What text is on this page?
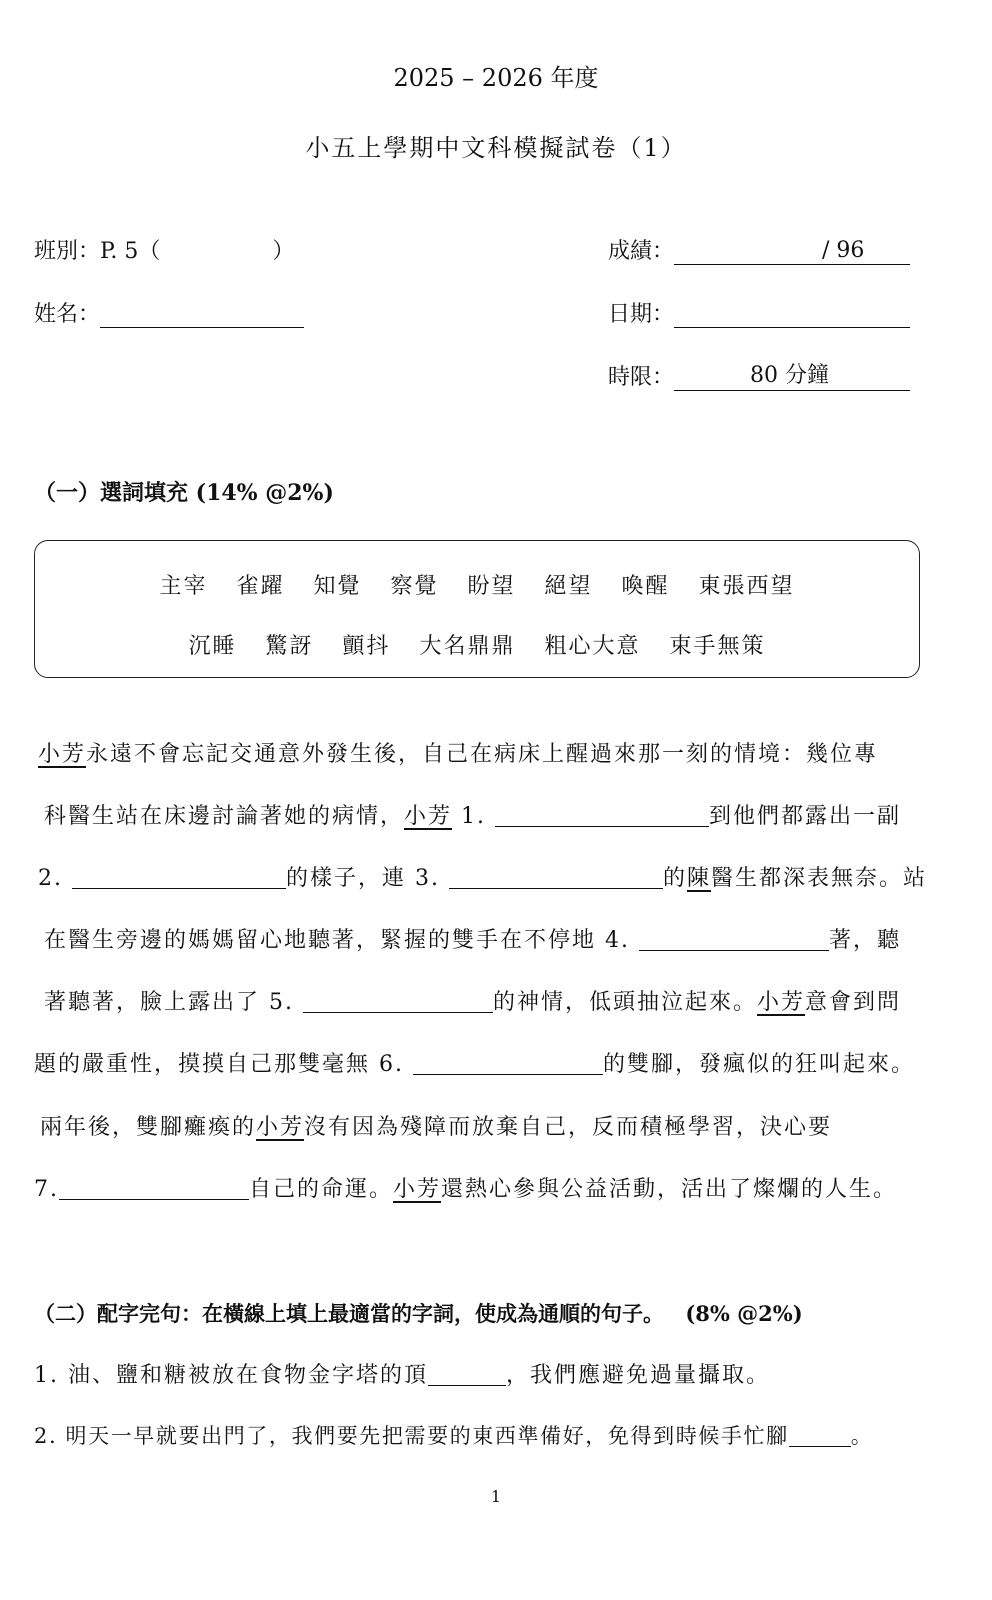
2025 – 2026 年度
小五上學期中文科模擬試卷（1）
班別：P. 5（	）	成績：	/ 96
姓名：	日期：
時限：	80 分鐘
（一）選詞填充 (14% @2%)
主宰 雀躍 知覺 察覺 盼望 絕望 喚醒 東張西望
沉睡 驚訝 顫抖 大名鼎鼎 粗心大意 束手無策
小芳永遠不會忘記交通意外發生後，自己在病床上醒過來那一刻的情境：幾位專
科醫生站在床邊討論著她的病情，小芳 1.	到他們都露出一副
2.	的樣子，連 3.	的陳醫生都深表無奈。站
在醫生旁邊的媽媽留心地聽著，緊握的雙手在不停地 4.	著，聽
著聽著，臉上露出了 5.	的神情，低頭抽泣起來。小芳意會到問
題的嚴重性，摸摸自己那雙毫無 6.	的雙腳，發瘋似的狂叫起來。
兩年後，雙腳癱瘓的小芳沒有因為殘障而放棄自己，反而積極學習，決心要
7.	自己的命運。小芳還熱心參與公益活動，活出了燦爛的人生。
（二）配字完句：在橫線上填上最適當的字詞，使成為通順的句子。 (8% @2%)
1. 油、鹽和糖被放在食物金字塔的頂	，我們應避免過量攝取。
2. 明天一早就要出門了，我們要先把需要的東西準備好，免得到時候手忙腳	。
1
